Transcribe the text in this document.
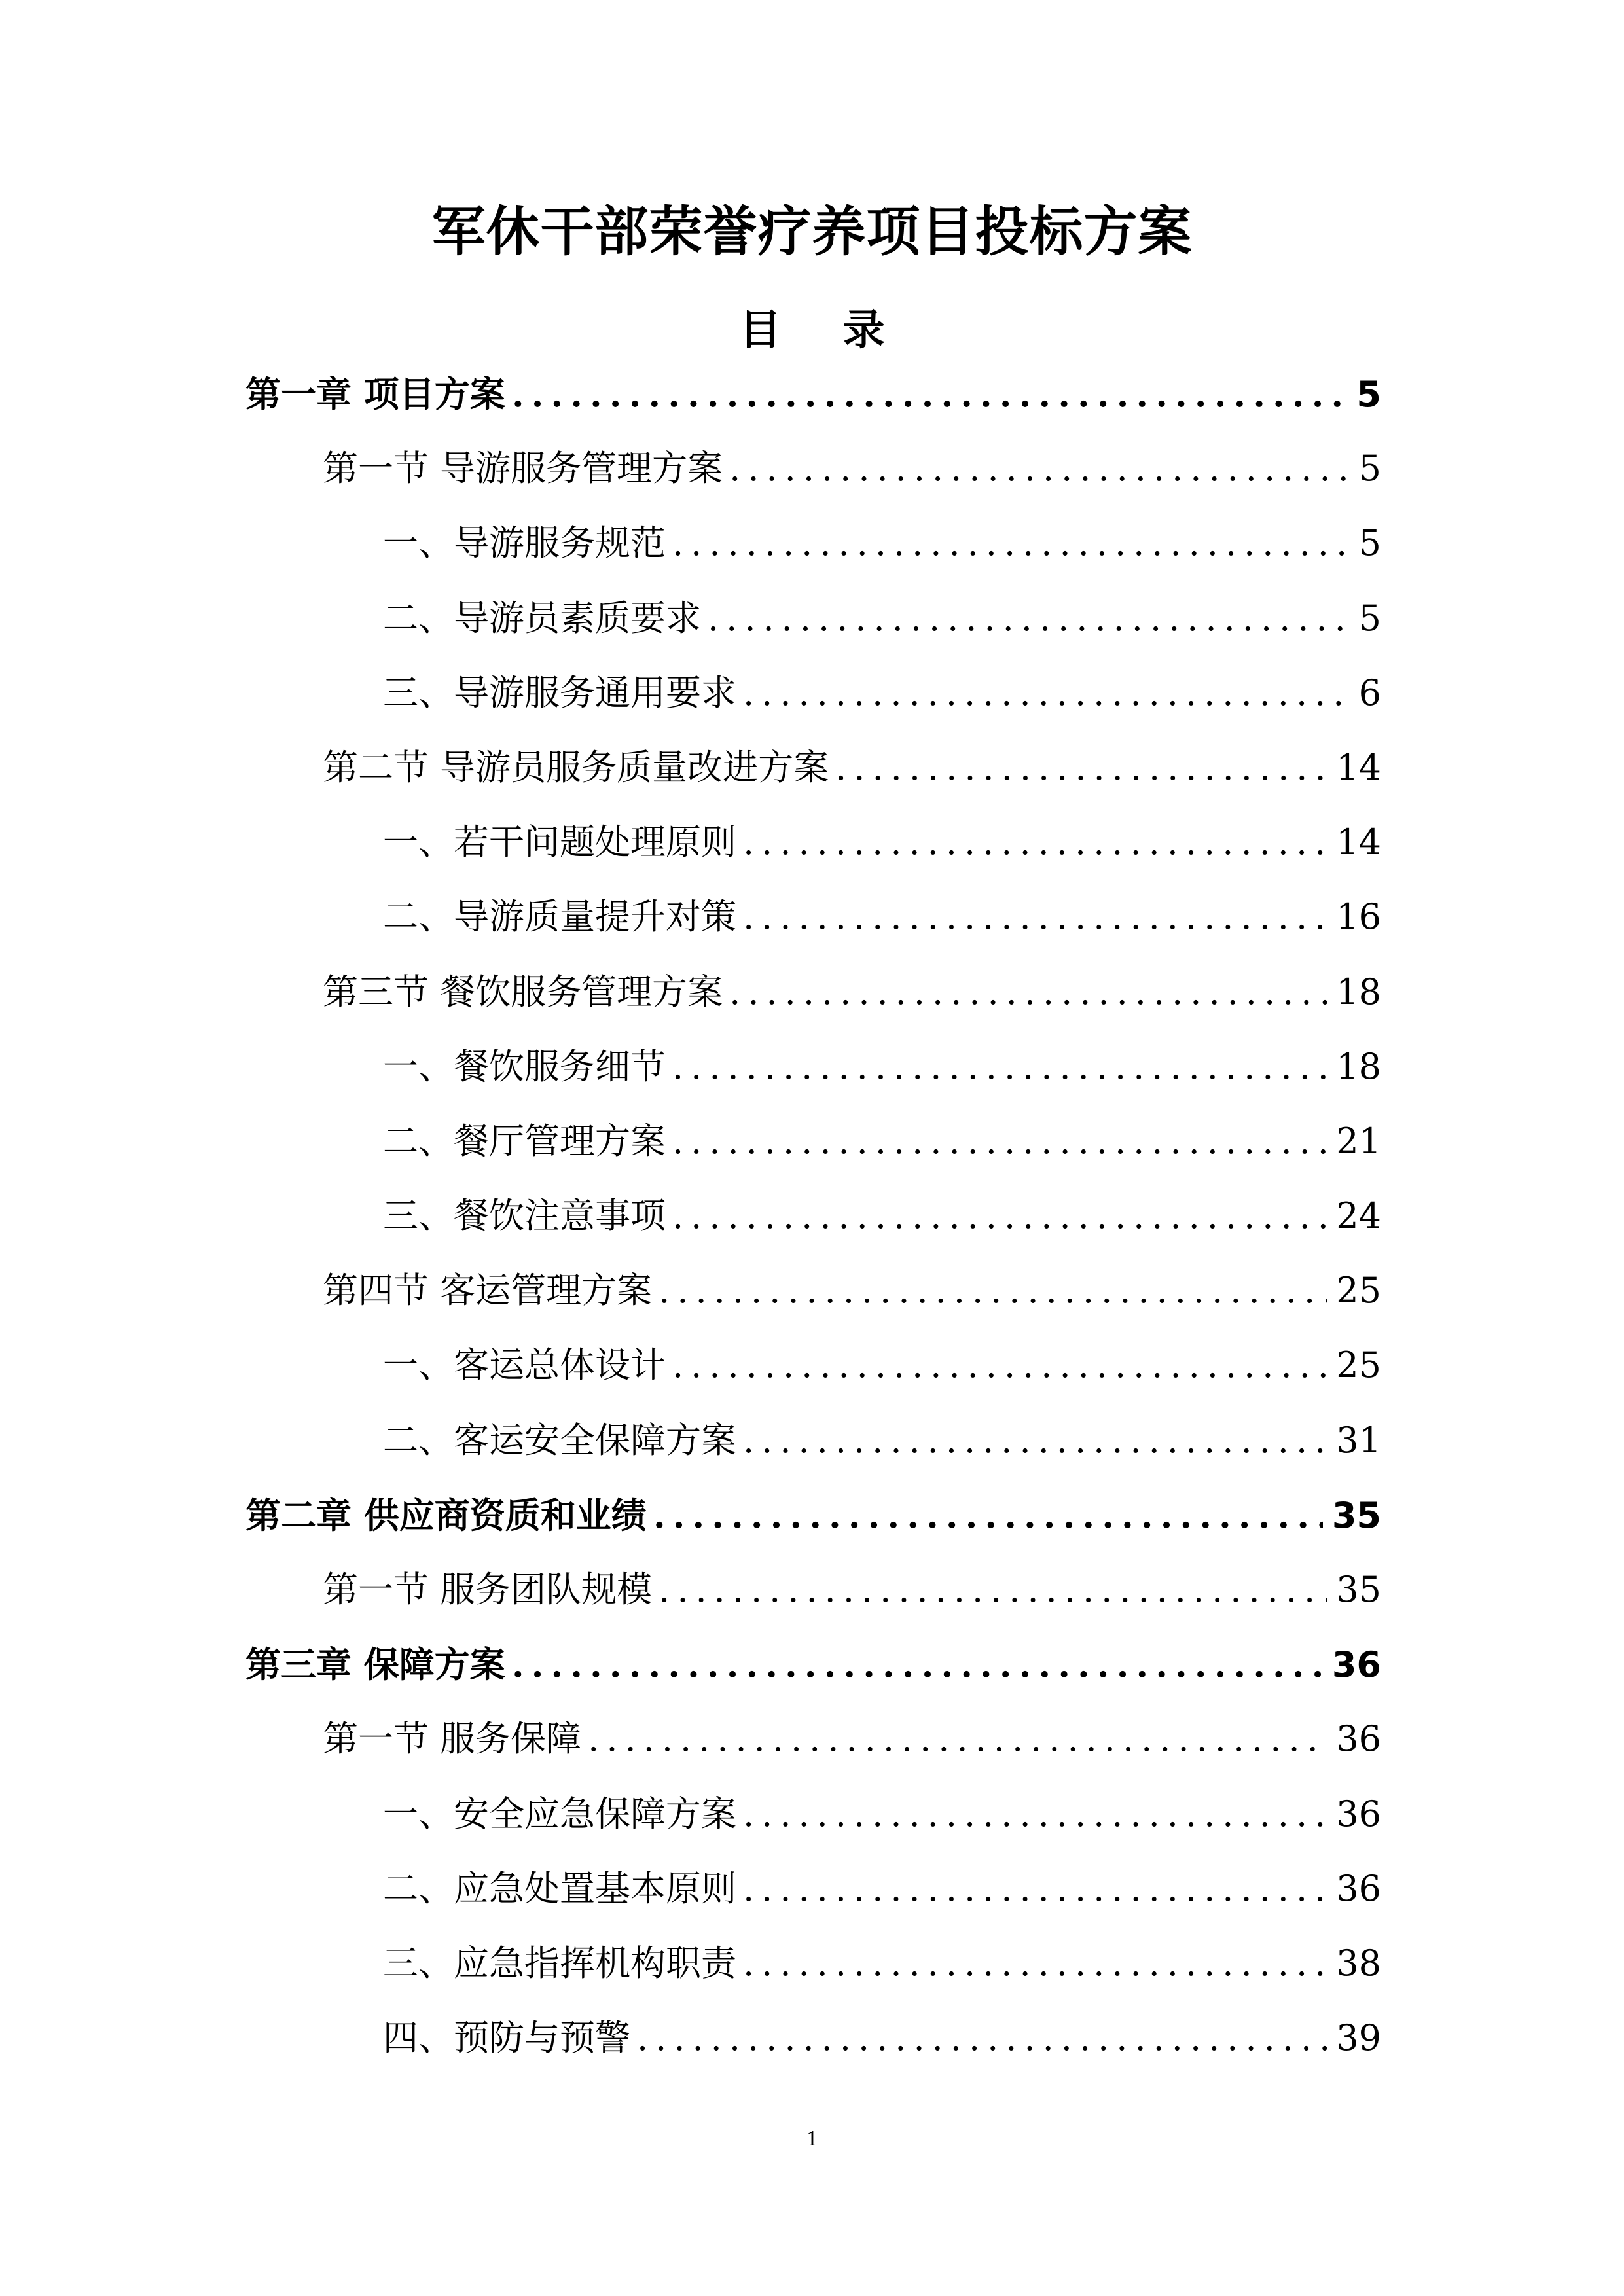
军休干部荣誉疗养项目投标方案
目 录
第一章 项目方案 .....	5
第一节 导游服务管理方案 .....	5
一、导游服务规范 .....	5
二、导游员素质要求 .....	5
三、导游服务通用要求 .....	6
第二节 导游员服务质量改进方案 .....	14
一、若干问题处理原则 .....	14
二、导游质量提升对策 .....	16
第三节 餐饮服务管理方案 .....	18
一、餐饮服务细节 .....	18
二、餐厅管理方案 .....	21
三、餐饮注意事项 .....	24
第四节 客运管理方案 .....	25
一、客运总体设计 .....	25
二、客运安全保障方案 .....	31
第二章 供应商资质和业绩 .....	35
第一节 服务团队规模 .....	35
第三章 保障方案 .....	36
第一节 服务保障 .....	36
一、安全应急保障方案 .....	36
二、应急处置基本原则 .....	36
三、应急指挥机构职责 .....	38
四、预防与预警 .....	39
1
